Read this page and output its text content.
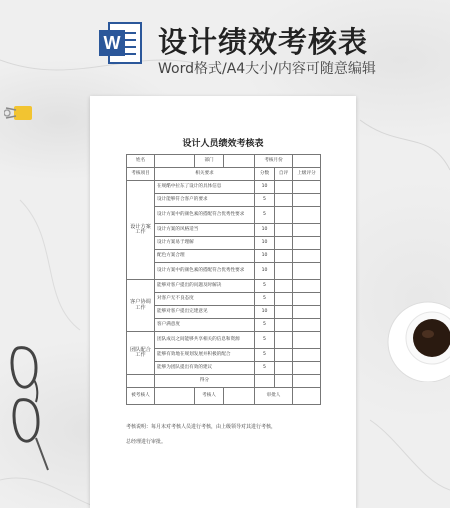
W 设计绩效考核表
Word格式/A4大小/内容可随意编辑
设计人员绩效考核表
姓名	部门	考核月份		
考核项目	相关要求	分数	自评	上级评分
设计方案工作	在规酷中拉东了设计的具体信息	10		
	设计能够符合客户的要求	5		
	设计方案中的颜色素的搭配符合优秀性要求	5		
	设计方案的风格适当	10		
	设计方案易于理解	10		
	配色方案合理	10		
	设计方案中的颜色素的搭配符合优秀性要求	10		
客户协调工作	能够对客户提出的问题及时解决	5		
	对客户无不良态度	5		
	能够对客户提出完建意见	10		
	客户满意度	5		
团队配合工作	团队成员之间能够共享相关的信息和资源	5		
	能够有效地在规划发展并积极的配合	5		
	能够为团队提出有效的建议	5		
	得分			
被考核人	考核人	审批人		
考核说明：每月末对考核人员进行考核，由上级领导对其进行考核，
总经理进行审批。
